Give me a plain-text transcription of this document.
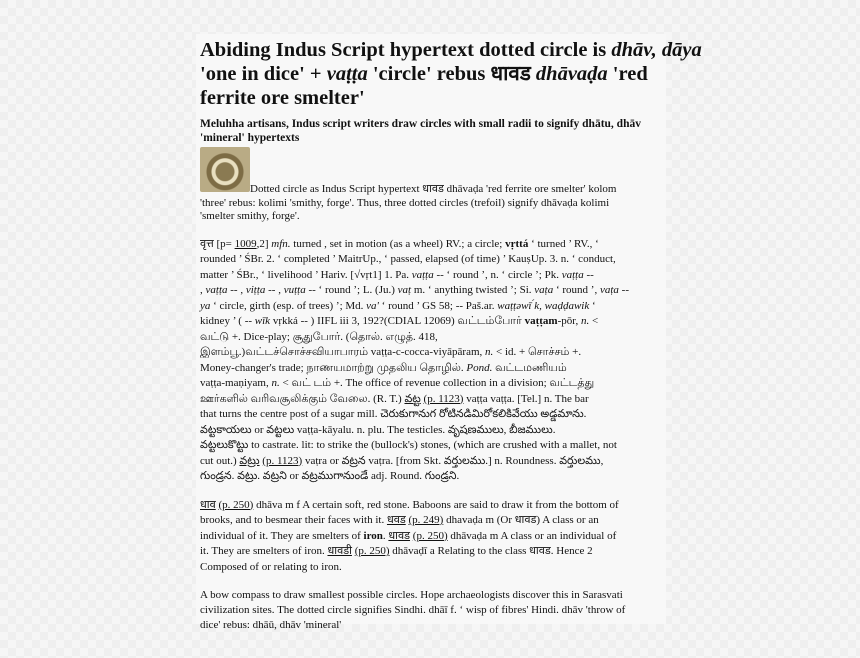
Abiding Indus Script hypertext dotted circle is dhāv, dāya
'one in dice' + vaṭṭa 'circle' rebus धावड dhāvaḍa 'red
ferrite ore smelter'
Meluhha artisans, Indus script writers draw circles with small radii to signify dhātu, dhāv
'mineral' hypertexts
Dotted circle as Indus Script hypertext धावड dhāvaḍa 'red ferrite ore smelter' kolom
'three' rebus: kolimi 'smithy, forge'. Thus, three dotted circles (trefoil) signify dhāvaḍa kolimi
'smelter smithy, forge'.
वृत्त [p= 1009,2] mfn. turned , set in motion (as a wheel) RV.; a circle; vṛttá ‘ turned ’ RV., ‘
rounded ’ ŚBr. 2. ‘ completed ’ MaitrUp., ‘ passed, elapsed (of time) ’ KauṣUp. 3. n. ‘ conduct,
matter ’ ŚBr., ‘ livelihood ’ Hariv. [√vṛt1] 1. Pa. vaṭṭa -- ‘ round ’, n. ‘ circle ’; Pk. vaṭṭa --
, vaṭṭa -- , viṭṭa -- , vuṭṭa -- ‘ round ’; L. (Ju.) vaṭ m. ‘ anything twisted ’; Si. vaṭa ‘ round ’, vaṭa --
ya ‘ circle, girth (esp. of trees) ’; Md. va' ‘ round ’ GS 58; -- Paš.ar. waṭṭəwī ́k, waḍḍawik ‘
kidney ’ ( -- wīk vṛkká -- ) IIFL iii 3, 192?(CDIAL 12069) வட்டம்போர் vaṭṭam-pōr, n. <
வட்டு +. Dice-play; சூதுபோர். (தொல். எழுத். 418,
இளம்பூ.)வட்டச்சொச்சவியாபாரம் vaṭṭa-c-cocca-viyāpāram, n. < id. + சொச்சம் +.
Money-changer's trade; நாணயமாற்று முதலிய தொழில். Pond. வட்டமணியம்
vaṭṭa-maṇiyam, n. < வட் டம் +. The office of revenue collection in a division; வட்டத்து
ஊர்களில் வரிவசூலிக்கும் வேலை. (R. T.) వట్ట (p. 1123) vaṭṭa vaṭṭa. [Tel.] n. The bar
that turns the centre post of a sugar mill. చెరుకుగానుగ రోటినడిమిరోకలికివేయు అడ్డమాను.
వట్టకాయలు or వట్టలు vaṭṭa-kāyalu. n. plu. The testicles. వృషణములు, బీజములు.
వట్టలుకొట్టు to castrate. lit: to strike the (bullock's) stones, (which are crushed with a mallet, not
cut out.) వట్రు (p. 1123) vaṭra or వట్రన vaṭra. [from Skt. వర్తులము.] n. Roundness. వర్తులము,
గుండ్రన. వట్రు. వట్రని or వట్రముగానుండే adj. Round. గుండ్రని.
धाव (p. 250) dhāva m f A certain soft, red stone. Baboons are said to draw it from the bottom of
brooks, and to besmear their faces with it. धवड (p. 249) dhavaḍa m (Or धावड) A class or an
individual of it. They are smelters of iron. धावड (p. 250) dhāvaḍa m A class or an individual of
it. They are smelters of iron. धावडी (p. 250) dhāvaḍī a Relating to the class धावड. Hence 2
Composed of or relating to iron.
A bow compass to draw smallest possible circles. Hope archaeologists discover this in Sarasvati
civilization sites. The dotted circle signifies Sindhi. dhāī f. ‘ wisp of fibres' Hindi. dhāv 'throw of
dice' rebus: dhāū, dhāv 'mineral'
